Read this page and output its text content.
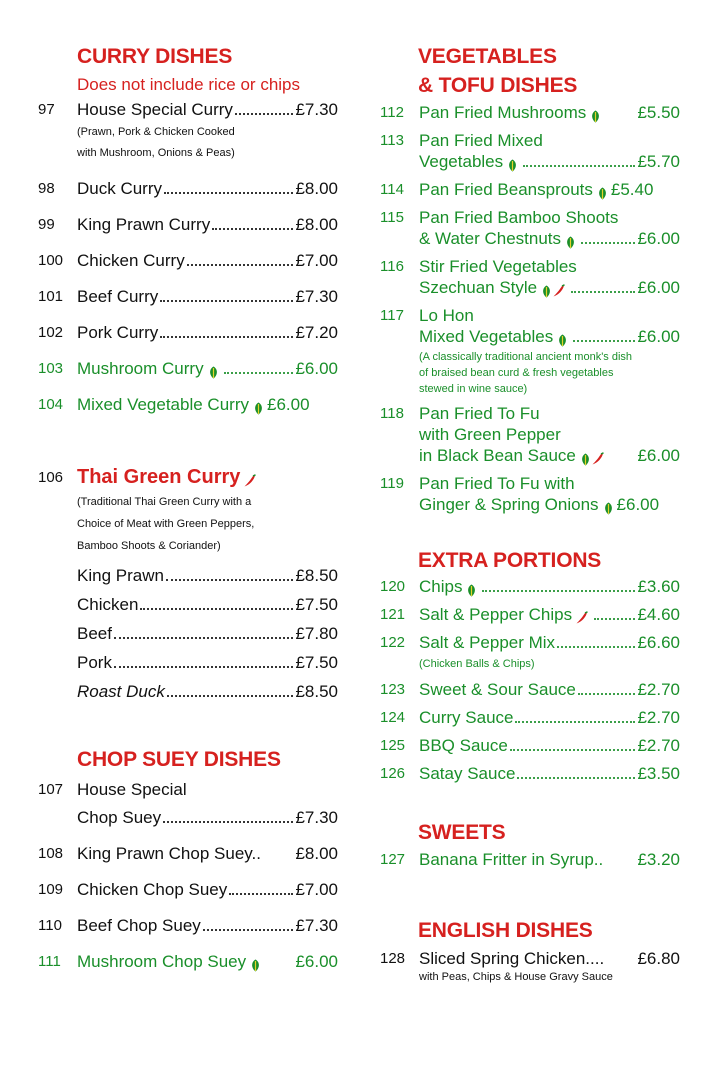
CURRY DISHES
Does not include rice or chips
97	House Special Curry	£7.30
(Prawn, Pork & Chicken Cooked
with Mushroom, Onions & Peas)
98	Duck Curry	£8.00
99	King Prawn Curry	£8.00
100 Chicken Curry	£7.00
101 Beef Curry	£7.30
102 Pork Curry	£7.20
103 Mushroom Curry	£6.00
104 Mixed Vegetable Curry £6.00
106 Thai Green Curry
(Traditional Thai Green Curry with a
Choice of Meat with Green Peppers,
Bamboo Shoots & Coriander)
King Prawn	£8.50
Chicken	£7.50
Beef	£7.80
Pork	£7.50
Roast Duck	£8.50
CHOP SUEY DISHES
107 House Special
Chop Suey	£7.30
108 King Prawn Chop Suey.. £8.00
109 Chicken Chop Suey	£7.00
110 Beef Chop Suey	£7.30
111 Mushroom Chop Suey	£6.00
VEGETABLES
& TOFU DISHES
112 Pan Fried Mushrooms	£5.50
113 Pan Fried Mixed
Vegetables	£5.70
114 Pan Fried Beansprouts £5.40
115 Pan Fried Bamboo Shoots
& Water Chestnuts	£6.00
116 Stir Fried Vegetables
Szechuan Style	£6.00
117 Lo Hon
Mixed Vegetables	£6.00
(A classically traditional ancient monk's dish
of braised bean curd & fresh vegetables
stewed in wine sauce)
118 Pan Fried To Fu
with Green Pepper
in Black Bean Sauce	£6.00
119 Pan Fried To Fu with
Ginger & Spring Onions £6.00
EXTRA PORTIONS
120 Chips	£3.60
121 Salt & Pepper Chips	£4.60
122 Salt & Pepper Mix	£6.60
(Chicken Balls & Chips)
123 Sweet & Sour Sauce	£2.70
124 Curry Sauce	£2.70
125 BBQ Sauce	£2.70
126 Satay Sauce	£3.50
SWEETS
127 Banana Fritter in Syrup.. £3.20
ENGLISH DISHES
128 Sliced Spring Chicken.... £6.80
with Peas, Chips & House Gravy Sauce
